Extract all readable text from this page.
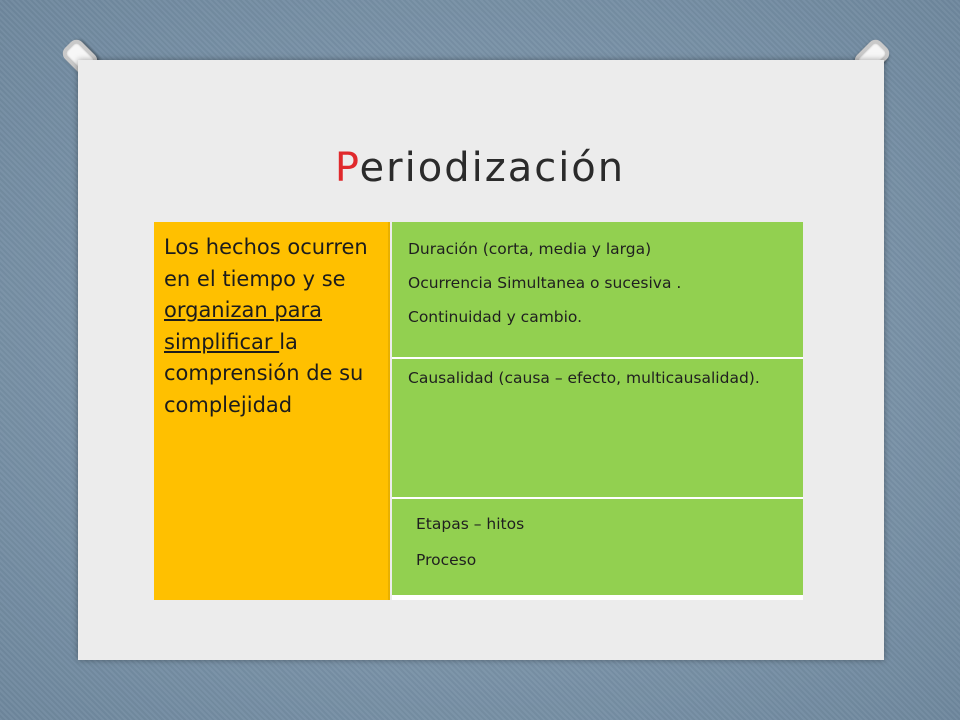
Periodización
Los hechos ocurren en el tiempo y se organizan para simplificar la comprensión de su complejidad
Duración (corta, media y larga)
Ocurrencia Simultanea o sucesiva .
Continuidad y cambio.
Causalidad (causa – efecto, multicausalidad).
Etapas – hitos
Proceso
